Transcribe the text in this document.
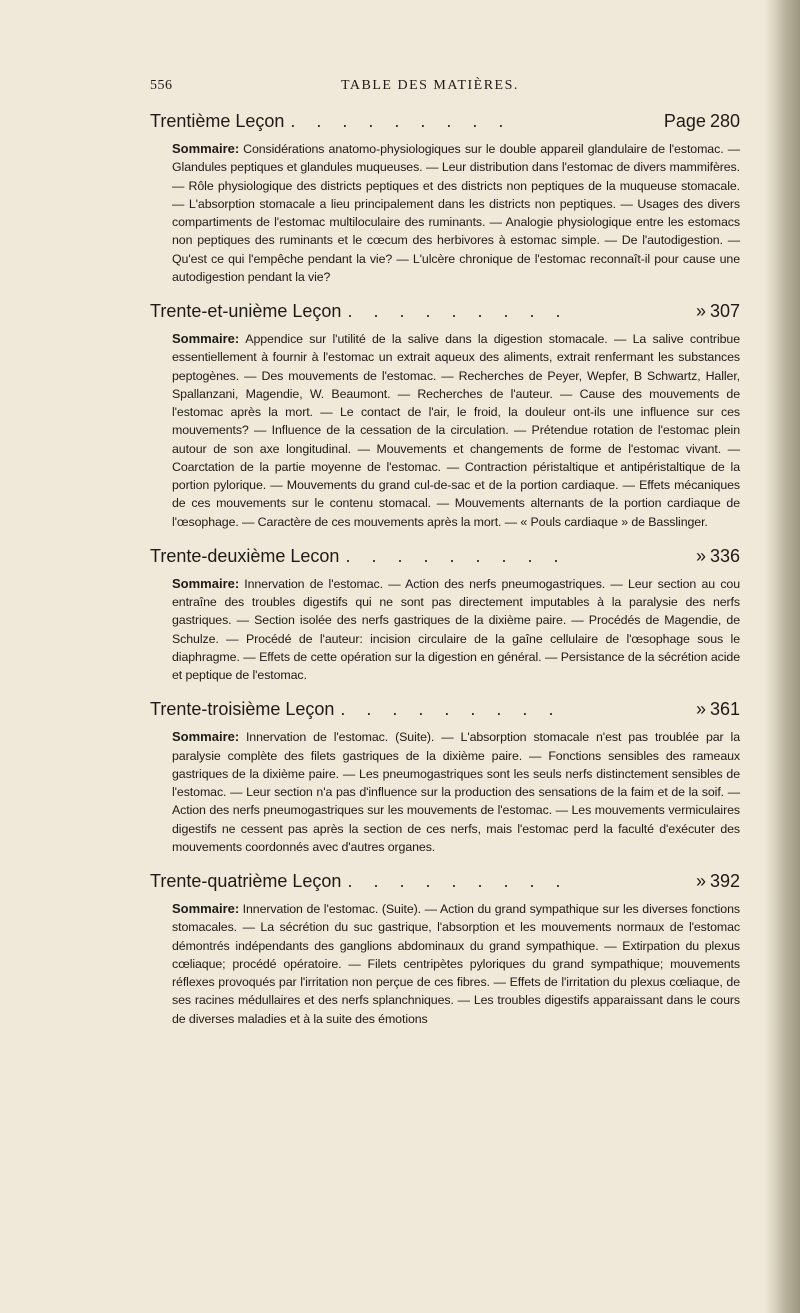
556	TABLE DES MATIÈRES.
Trentième Leçon . . . . . . . . .	Page 280

Sommaire: Considérations anatomo-physiologiques sur le double appareil glandulaire de l'estomac. — Glandules peptiques et glandules muqueuses. — Leur distribution dans l'estomac de divers mammifères. — Rôle physiologique des districts peptiques et des districts non peptiques de la muqueuse stomacale. — L'absorption stomacale a lieu principalement dans les districts non peptiques. — Usages des divers compartiments de l'estomac multiloculaire des ruminants. — Analogie physiologique entre les estomacs non peptiques des ruminants et le cœcum des herbivores à estomac simple. — De l'autodigestion. — Qu'est ce qui l'empêche pendant la vie? — L'ulcère chronique de l'estomac reconnaît-il pour cause une autodigestion pendant la vie?

Trente-et-unième Leçon . . . . . . . . .	» 307

Sommaire: Appendice sur l'utilité de la salive dans la digestion stomacale. — La salive contribue essentiellement à fournir à l'estomac un extrait aqueux des aliments, extrait renfermant les substances peptogènes. — Des mouvements de l'estomac. — Recherches de Peyer, Wepfer, B Schwartz, Haller, Spallanzani, Magendie, W. Beaumont. — Recherches de l'auteur. — Cause des mouvements de l'estomac après la mort. — Le contact de l'air, le froid, la douleur ont-ils une influence sur ces mouvements? — Influence de la cessation de la circulation. — Prétendue rotation de l'estomac plein autour de son axe longitudinal. — Mouvements et changements de forme de l'estomac vivant. — Coarctation de la partie moyenne de l'estomac. — Contraction péristaltique et antipéristaltique de la portion pylorique. — Mouvements du grand cul-de-sac et de la portion cardiaque. — Effets mécaniques de ces mouvements sur le contenu stomacal. — Mouvements alternants de la portion cardiaque de l'œsophage. — Caractère de ces mouvements après la mort. — « Pouls cardiaque » de Basslinger.

Trente-deuxième Lecon . . . . . . . . .	» 336

Sommaire: Innervation de l'estomac. — Action des nerfs pneumogastriques. — Leur section au cou entraîne des troubles digestifs qui ne sont pas directement imputables à la paralysie des nerfs gastriques. — Section isolée des nerfs gastriques de la dixième paire. — Procédés de Magendie, de Schulze. — Procédé de l'auteur: incision circulaire de la gaîne cellulaire de l'œsophage sous le diaphragme. — Effets de cette opération sur la digestion en général. — Persistance de la sécrétion acide et peptique de l'estomac.

Trente-troisième Leçon . . . . . . . . .	» 361

Sommaire: Innervation de l'estomac. (Suite). — L'absorption stomacale n'est pas troublée par la paralysie complète des filets gastriques de la dixième paire. — Fonctions sensibles des rameaux gastriques de la dixième paire. — Les pneumogastriques sont les seuls nerfs distinctement sensibles de l'estomac. — Leur section n'a pas d'influence sur la production des sensations de la faim et de la soif. — Action des nerfs pneumogastriques sur les mouvements de l'estomac. — Les mouvements vermiculaires digestifs ne cessent pas après la section de ces nerfs, mais l'estomac perd la faculté d'exécuter des mouvements coordonnés avec d'autres organes.

Trente-quatrième Leçon . . . . . . . . .	» 392

Sommaire: Innervation de l'estomac. (Suite). — Action du grand sympathique sur les diverses fonctions stomacales. — La sécrétion du suc gastrique, l'absorption et les mouvements normaux de l'estomac démontrés indépendants des ganglions abdominaux du grand sympathique. — Extirpation du plexus cœliaque; procédé opératoire. — Filets centripètes pyloriques du grand sympathique; mouvements réflexes provoqués par l'irritation non perçue de ces fibres. — Effets de l'irritation du plexus cœliaque, de ses racines médullaires et des nerfs splanchniques. — Les troubles digestifs apparaissant dans le cours de diverses maladies et à la suite des émotions
